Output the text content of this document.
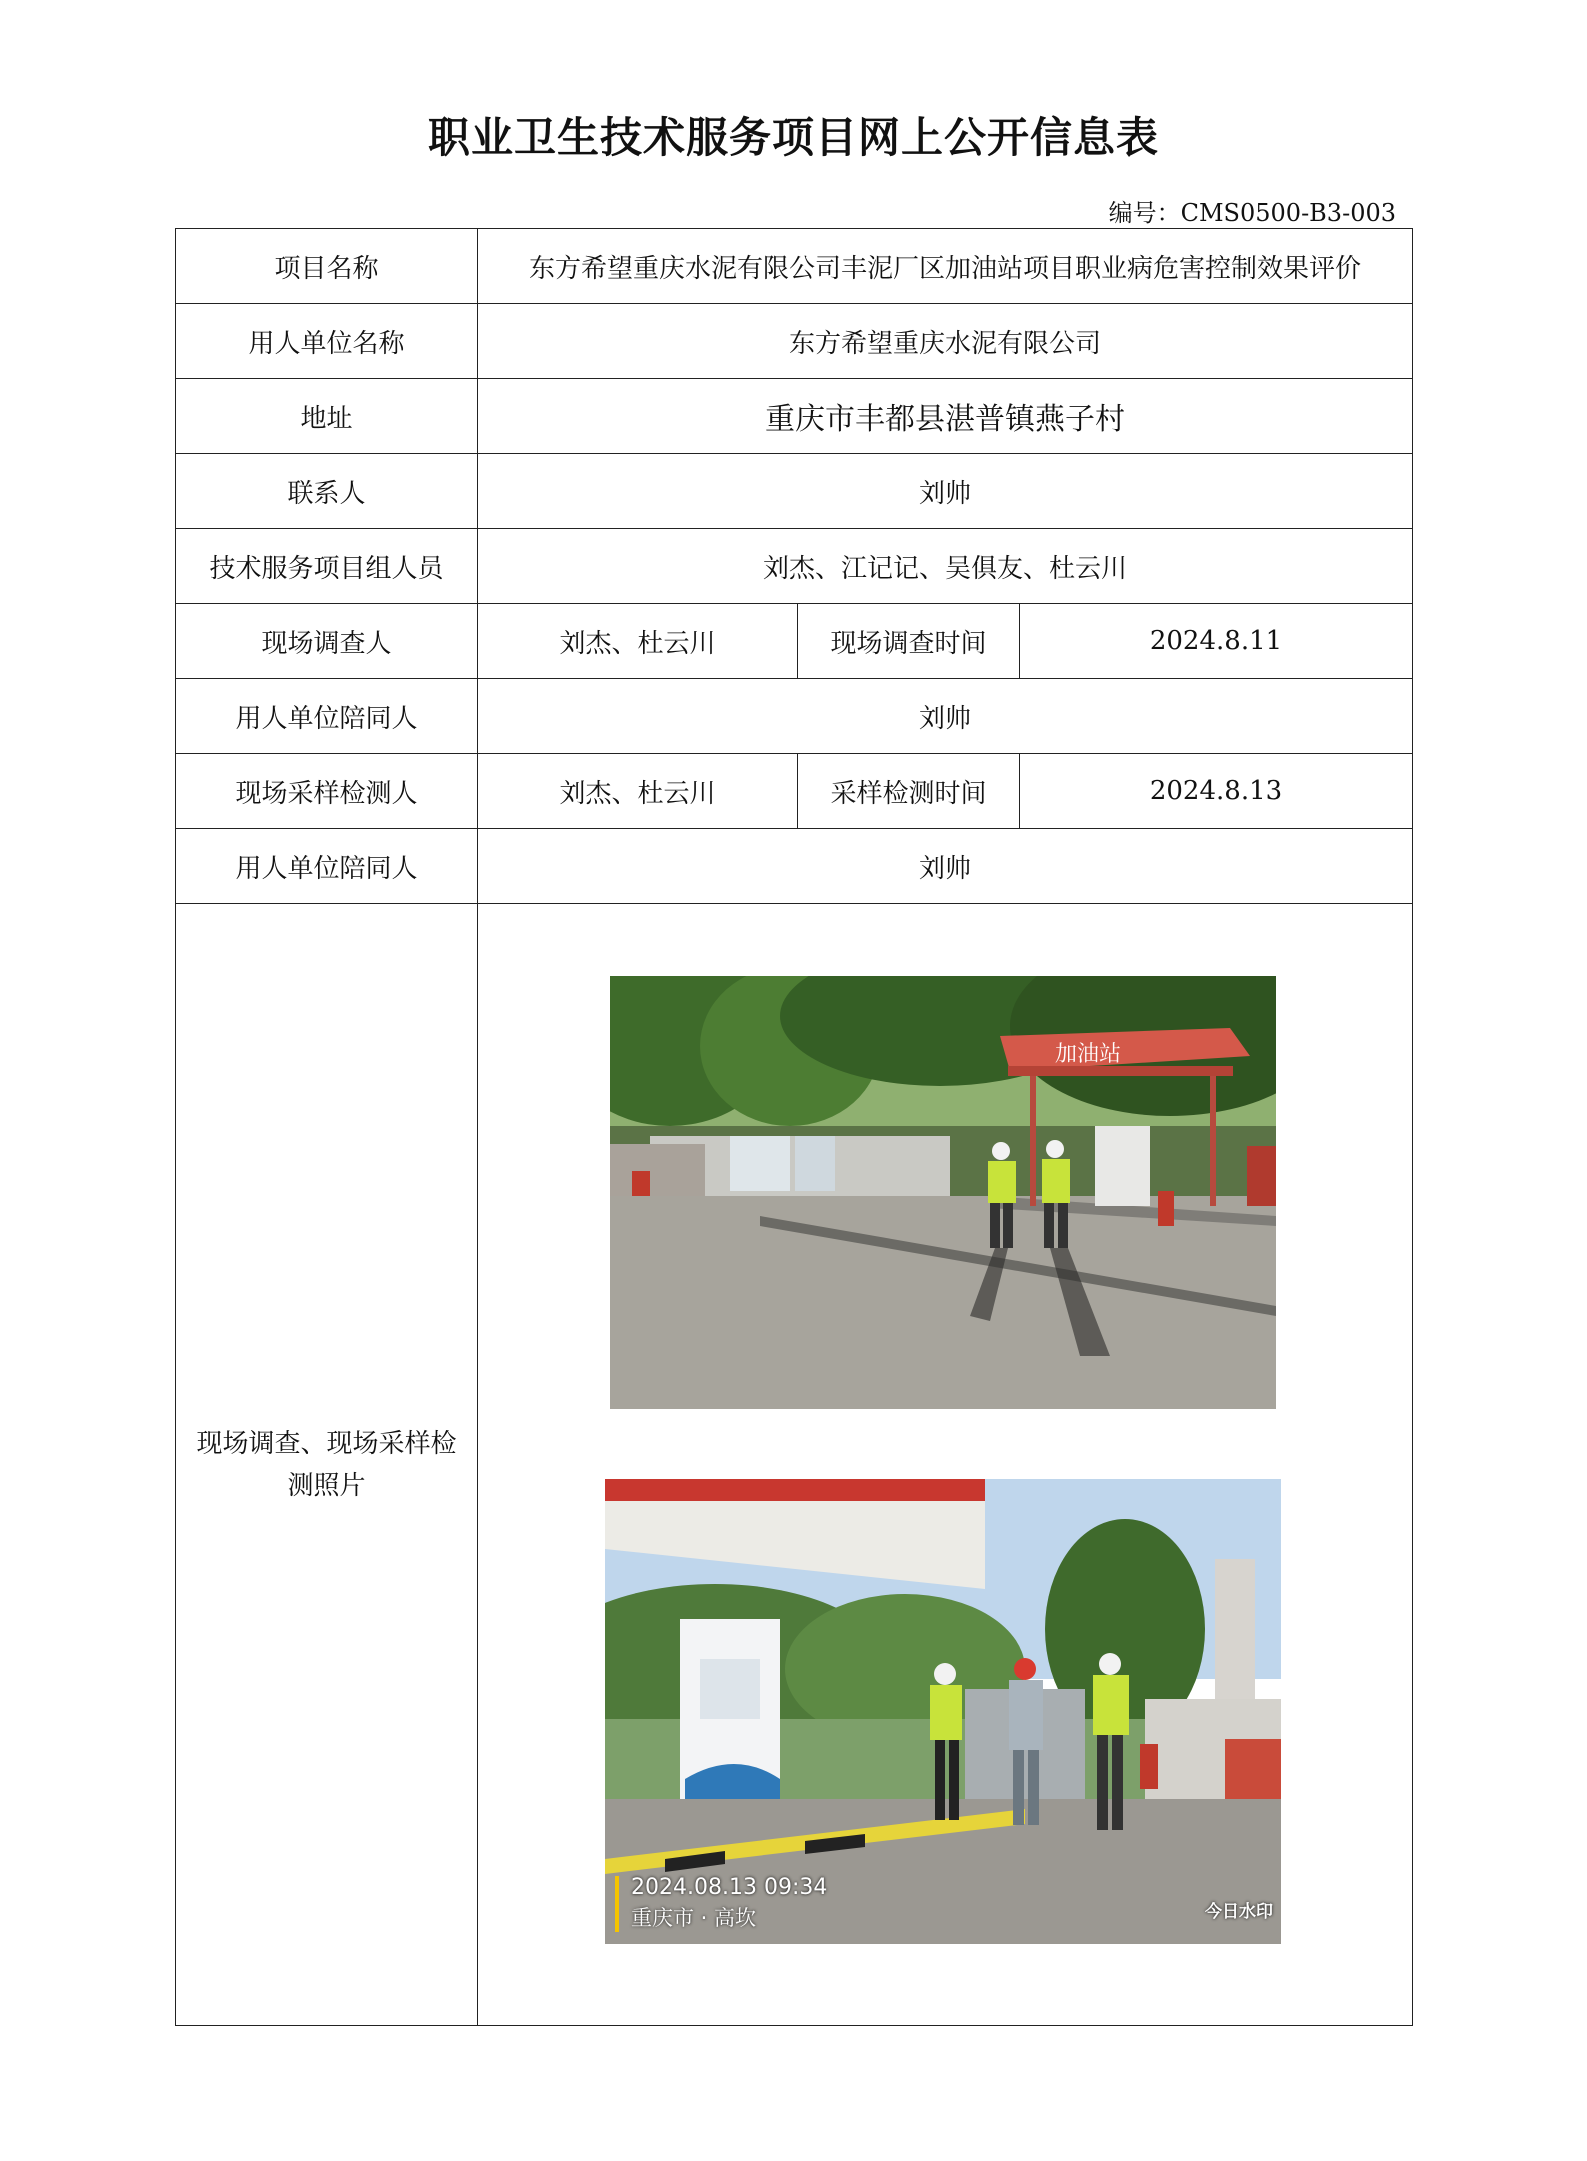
职业卫生技术服务项目网上公开信息表
编号：CMS0500-B3-003
项目名称	东方希望重庆水泥有限公司丰泥厂区加油站项目职业病危害控制效果评价		
用人单位名称	东方希望重庆水泥有限公司		
地址	重庆市丰都县湛普镇燕子村		
联系人	刘帅		
技术服务项目组人员	刘杰、江记记、吴俱友、杜云川		
现场调查人	刘杰、杜云川	现场调查时间	2024.8.11
用人单位陪同人	刘帅		
现场采样检测人	刘杰、杜云川	采样检测时间	2024.8.13
用人单位陪同人	刘帅		

现场调查、现场采样检测照片	加油站
2024.08.13 09:34
重庆市 · 高坎 今日水印		
